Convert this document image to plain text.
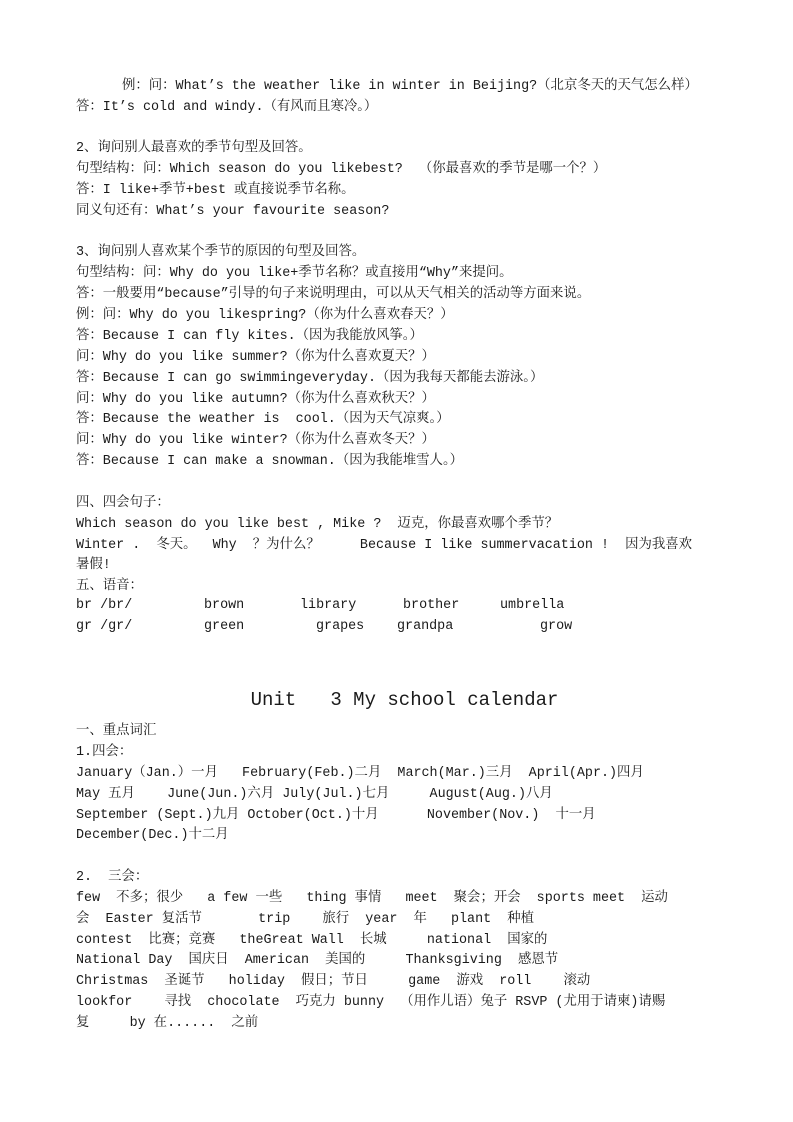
例：问：What’s the weather like in winter in Beijing?（北京冬天的天气怎么样）
答：It’s cold and windy.（有风而且寒冷。）
2、询问别人最喜欢的季节句型及回答。
句型结构：问：Which season do you likebest?  （你最喜欢的季节是哪一个？）
答：I like+季节+best 或直接说季节名称。
同义句还有：What’s your favourite season?
3、询问别人喜欢某个季节的原因的句型及回答。
句型结构：问：Why do you like+季节名称？或直接用“Why”来提问。
答：一般要用“because”引导的句子来说明理由，可以从天气相关的活动等方面来说。
例：问：Why do you likespring?（你为什么喜欢春天？）
答：Because I can fly kites.（因为我能放风筝。）
问：Why do you like summer?（你为什么喜欢夏天？）
答：Because I can go swimmingeveryday.（因为我每天都能去游泳。）
问：Why do you like autumn?（你为什么喜欢秋天？）
答：Because the weather is  cool.（因为天气凉爽。）
问：Why do you like winter?（你为什么喜欢冬天？）
答：Because I can make a snowman.（因为我能堆雪人。）
四、四会句子：
Which season do you like best , Mike ?  迈克，你最喜欢哪个季节？
Winter .  冬天。  Why  ？为什么？     Because I like summervacation !  因为我喜欢
暑假!
五、语音：
br /br/	brown	library	brother	umbrella
gr /gr/	green	grapes grandpa	grow
Unit   3 My school calendar
一、重点词汇
1.四会：
January（Jan.）一月   February(Feb.)二月  March(Mar.)三月  April(Apr.)四月
May 五月    June(Jun.)六月 July(Jul.)七月     August(Aug.)八月
September (Sept.)九月 October(Oct.)十月      November(Nov.)  十一月
December(Dec.)十二月
2.  三会：
few  不多；很少   a few 一些   thing 事情   meet  聚会；开会  sports meet  运动
会  Easter 复活节       trip    旅行  year  年   plant  种植
contest  比赛；竞赛   theGreat Wall  长城     national  国家的
National Day  国庆日  American  美国的     Thanksgiving  感恩节
Christmas  圣诞节   holiday  假日；节日     game  游戏  roll    滚动
lookfor    寻找  chocolate  巧克力 bunny  （用作儿语）兔子 RSVP (尤用于请柬)请赐
复     by 在......  之前
